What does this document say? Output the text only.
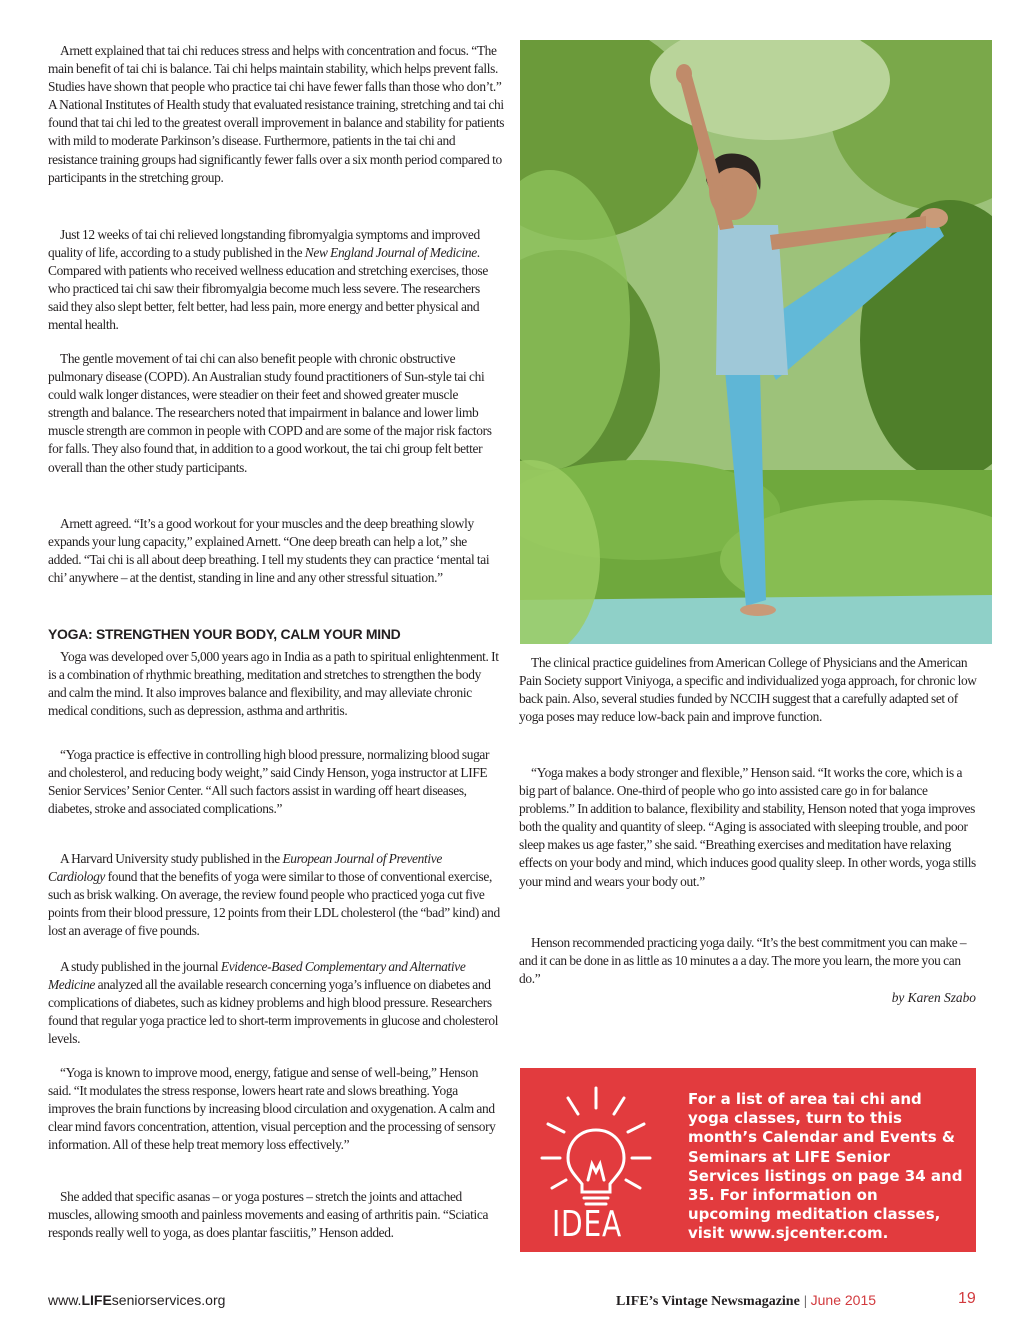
Arnett explained that tai chi reduces stress and helps with concentration and focus. “The main benefit of tai chi is balance. Tai chi helps maintain stability, which helps prevent falls. Studies have shown that people who practice tai chi have fewer falls than those who don’t.” A National Institutes of Health study that evaluated resistance training, stretching and tai chi found that tai chi led to the greatest overall improvement in balance and stability for patients with mild to moderate Parkinson’s disease. Furthermore, patients in the tai chi and resistance training groups had significantly fewer falls over a six month period compared to participants in the stretching group.

Just 12 weeks of tai chi relieved longstanding fibromyalgia symptoms and improved quality of life, according to a study published in the New England Journal of Medicine. Compared with patients who received wellness education and stretching exercises, those who practiced tai chi saw their fibromyalgia become much less severe. The researchers said they also slept better, felt better, had less pain, more energy and better physical and mental health.

The gentle movement of tai chi can also benefit people with chronic obstructive pulmonary disease (COPD). An Australian study found practitioners of Sun-style tai chi could walk longer distances, were steadier on their feet and showed greater muscle strength and balance. The researchers noted that impairment in balance and lower limb muscle strength are common in people with COPD and are some of the major risk factors for falls. They also found that, in addition to a good workout, the tai chi group felt better overall than the other study participants.

Arnett agreed. “It’s a good workout for your muscles and the deep breathing slowly expands your lung capacity,” explained Arnett. “One deep breath can help a lot,” she added. “Tai chi is all about deep breathing. I tell my students they can practice ‘mental tai chi’ anywhere – at the dentist, standing in line and any other stressful situation.”

YOGA: STRENGTHEN YOUR BODY, CALM YOUR MIND

Yoga was developed over 5,000 years ago in India as a path to spiritual enlightenment. It is a combination of rhythmic breathing, meditation and stretches to strengthen the body and calm the mind. It also improves balance and flexibility, and may alleviate chronic medical conditions, such as depression, asthma and arthritis.

“Yoga practice is effective in controlling high blood pressure, normalizing blood sugar and cholesterol, and reducing body weight,” said Cindy Henson, yoga instructor at LIFE Senior Services’ Senior Center. “All such factors assist in warding off heart diseases, diabetes, stroke and associated complications.”

A Harvard University study published in the European Journal of Preventive Cardiology found that the benefits of yoga were similar to those of conventional exercise, such as brisk walking. On average, the review found people who practiced yoga cut five points from their blood pressure, 12 points from their LDL cholesterol (the “bad” kind) and lost an average of five pounds.

A study published in the journal Evidence-Based Complementary and Alternative Medicine analyzed all the available research concerning yoga’s influence on diabetes and complications of diabetes, such as kidney problems and high blood pressure. Researchers found that regular yoga practice led to short-term improvements in glucose and cholesterol levels.

“Yoga is known to improve mood, energy, fatigue and sense of well-being,” Henson said. “It modulates the stress response, lowers heart rate and slows breathing. Yoga improves the brain functions by increasing blood circulation and oxygenation. A calm and clear mind favors concentration, attention, visual perception and the processing of sensory information. All of these help treat memory loss effectively.”

She added that specific asanas – or yoga postures – stretch the joints and attached muscles, allowing smooth and painless movements and easing of arthritis pain. “Sciatica responds really well to yoga, as does plantar fasciitis,” Henson added.

The clinical practice guidelines from American College of Physicians and the American Pain Society support Viniyoga, a specific and individualized yoga approach, for chronic low back pain. Also, several studies funded by NCCIH suggest that a carefully adapted set of yoga poses may reduce low-back pain and improve function.

“Yoga makes a body stronger and flexible,” Henson said. “It works the core, which is a big part of balance. One-third of people who go into assisted care go in for balance problems.” In addition to balance, flexibility and stability, Henson noted that yoga improves both the quality and quantity of sleep. “Aging is associated with sleeping trouble, and poor sleep makes us age faster,” she said. “Breathing exercises and meditation have relaxing effects on your body and mind, which induces good quality sleep. In other words, yoga stills your mind and wears your body out.”

Henson recommended practicing yoga daily. “It’s the best commitment you can make – and it can be done in as little as 10 minutes a a day. The more you learn, the more you can do.”

by Karen Szabo
IDEA
For a list of area tai chi and yoga classes, turn to this month’s Calendar and Events & Seminars at LIFE Senior Services listings on page 34 and 35. For information on upcoming meditation classes, visit www.sjcenter.com.
www.LIFEseniorservices.org	LIFE’s Vintage Newsmagazine | June 2015	19
